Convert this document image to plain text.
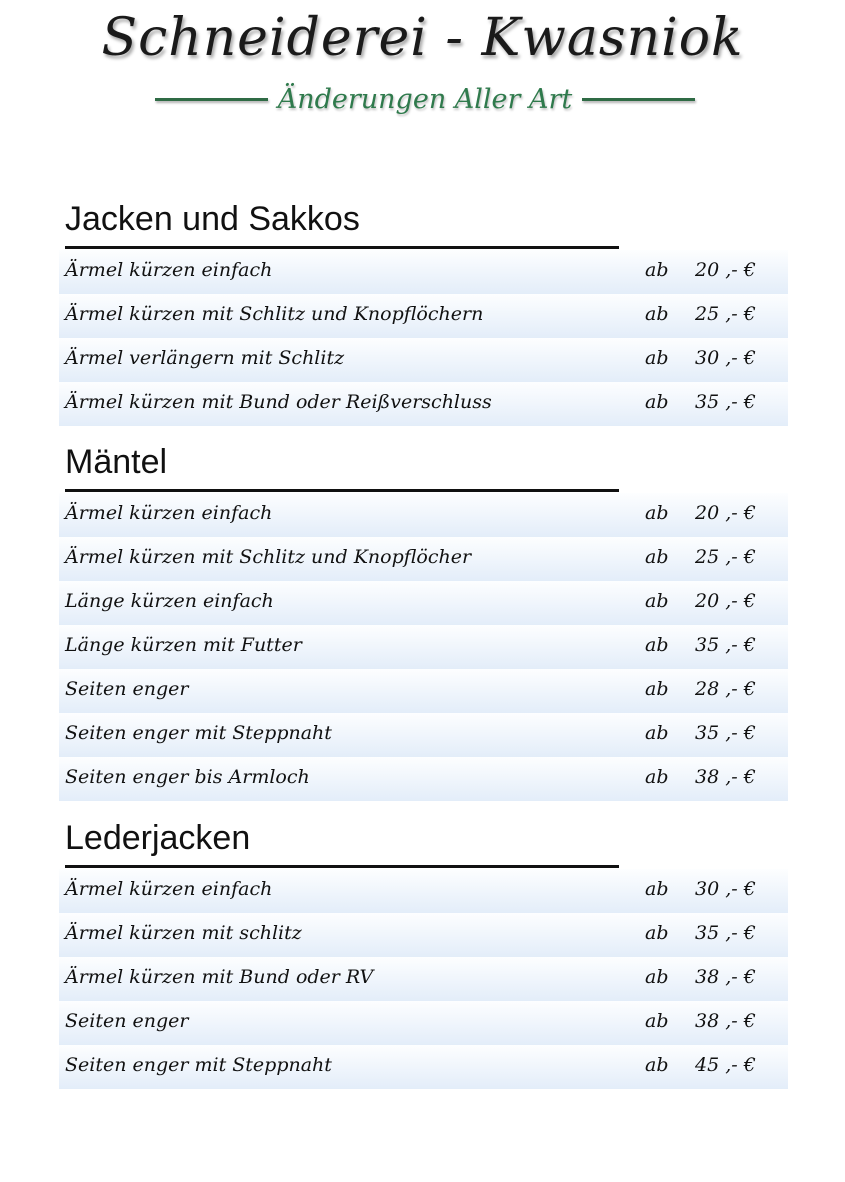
Schneiderei - Kwasniok
Änderungen Aller Art
Jacken und Sakkos
Ärmel kürzen einfach	ab 20 ,- €
Ärmel kürzen mit Schlitz und Knopflöchern	ab 25 ,- €
Ärmel verlängern mit Schlitz	ab 30 ,- €
Ärmel kürzen mit Bund oder Reißverschluss	ab 35 ,- €
Mäntel
Ärmel kürzen einfach	ab 20 ,- €
Ärmel kürzen mit Schlitz und Knopflöcher	ab 25 ,- €
Länge kürzen einfach	ab 20 ,- €
Länge kürzen mit Futter	ab 35 ,- €
Seiten enger	ab 28 ,- €
Seiten enger mit Steppnaht	ab 35 ,- €
Seiten enger bis Armloch	ab 38 ,- €
Lederjacken
Ärmel kürzen einfach	ab 30 ,- €
Ärmel kürzen mit schlitz	ab 35 ,- €
Ärmel kürzen mit Bund oder RV	ab 38 ,- €
Seiten enger	ab 38 ,- €
Seiten enger mit Steppnaht	ab 45 ,- €
